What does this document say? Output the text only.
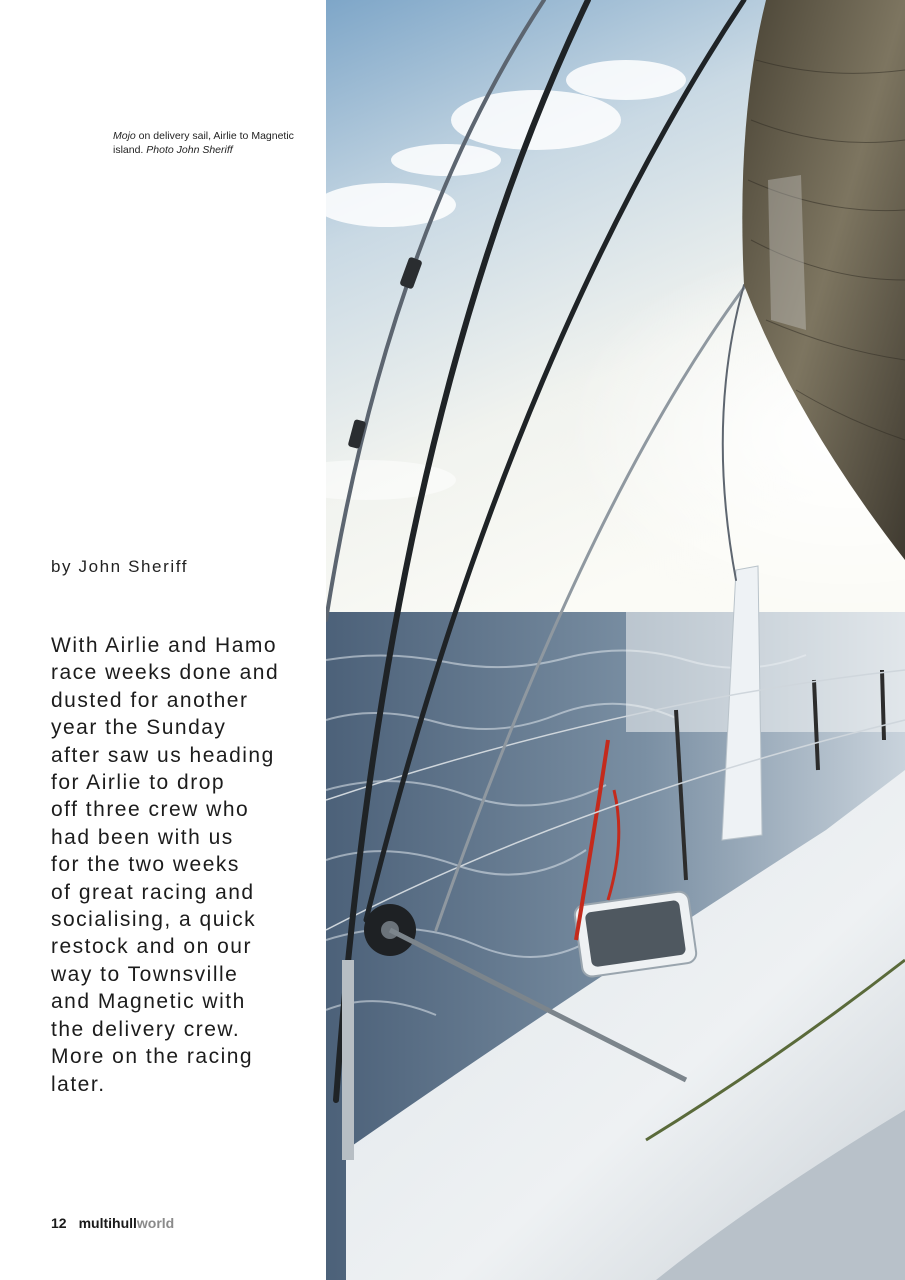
Mojo on delivery sail, Airlie to Magnetic island. Photo John Sheriff
by John Sheriff
With Airlie and Hamo
race weeks done and
dusted for another
year the Sunday
after saw us heading
for Airlie to drop
off three crew who
had been with us
for the two weeks
of great racing and
socialising, a quick
restock and on our
way to Townsville
and Magnetic with
the delivery crew.
More on the racing
later.
12 multihullworld
